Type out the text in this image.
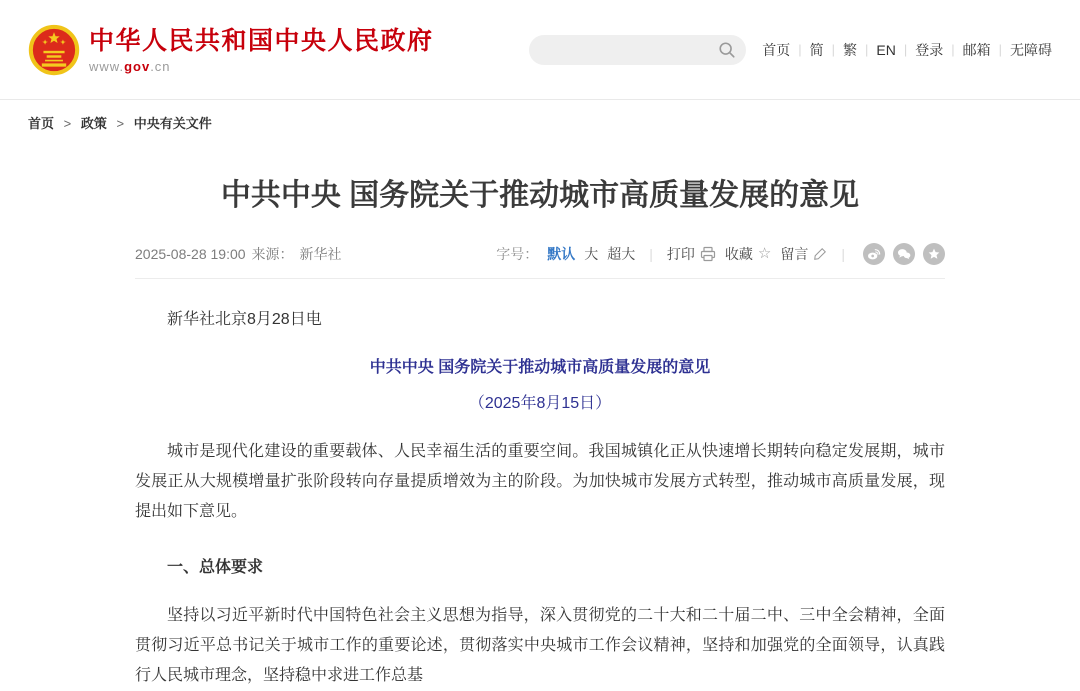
中华人民共和国中央人民政府
www.gov.cn
首页 | 简 | 繁 | EN | 登录 | 邮箱 | 无障碍
首页 > 政策 > 中央有关文件
中共中央 国务院关于推动城市高质量发展的意见
2025-08-28 19:00 来源： 新华社	字号： 默认 大 超大 | 打印 收藏 ☆ 留言 |

新华社北京8月28日电

中共中央 国务院关于推动城市高质量发展的意见

（2025年8月15日）

城市是现代化建设的重要载体、人民幸福生活的重要空间。我国城镇化正从快速增长期转向稳定发展期，城市发展正从大规模增量扩张阶段转向存量提质增效为主的阶段。为加快城市发展方式转型，推动城市高质量发展，现提出如下意见。

一、总体要求

坚持以习近平新时代中国特色社会主义思想为指导，深入贯彻党的二十大和二十届二中、三中全会精神，全面贯彻习近平总书记关于城市工作的重要论述，贯彻落实中央城市工作会议精神，坚持和加强党的全面领导，认真践行人民城市理念，坚持稳中求进工作总基
